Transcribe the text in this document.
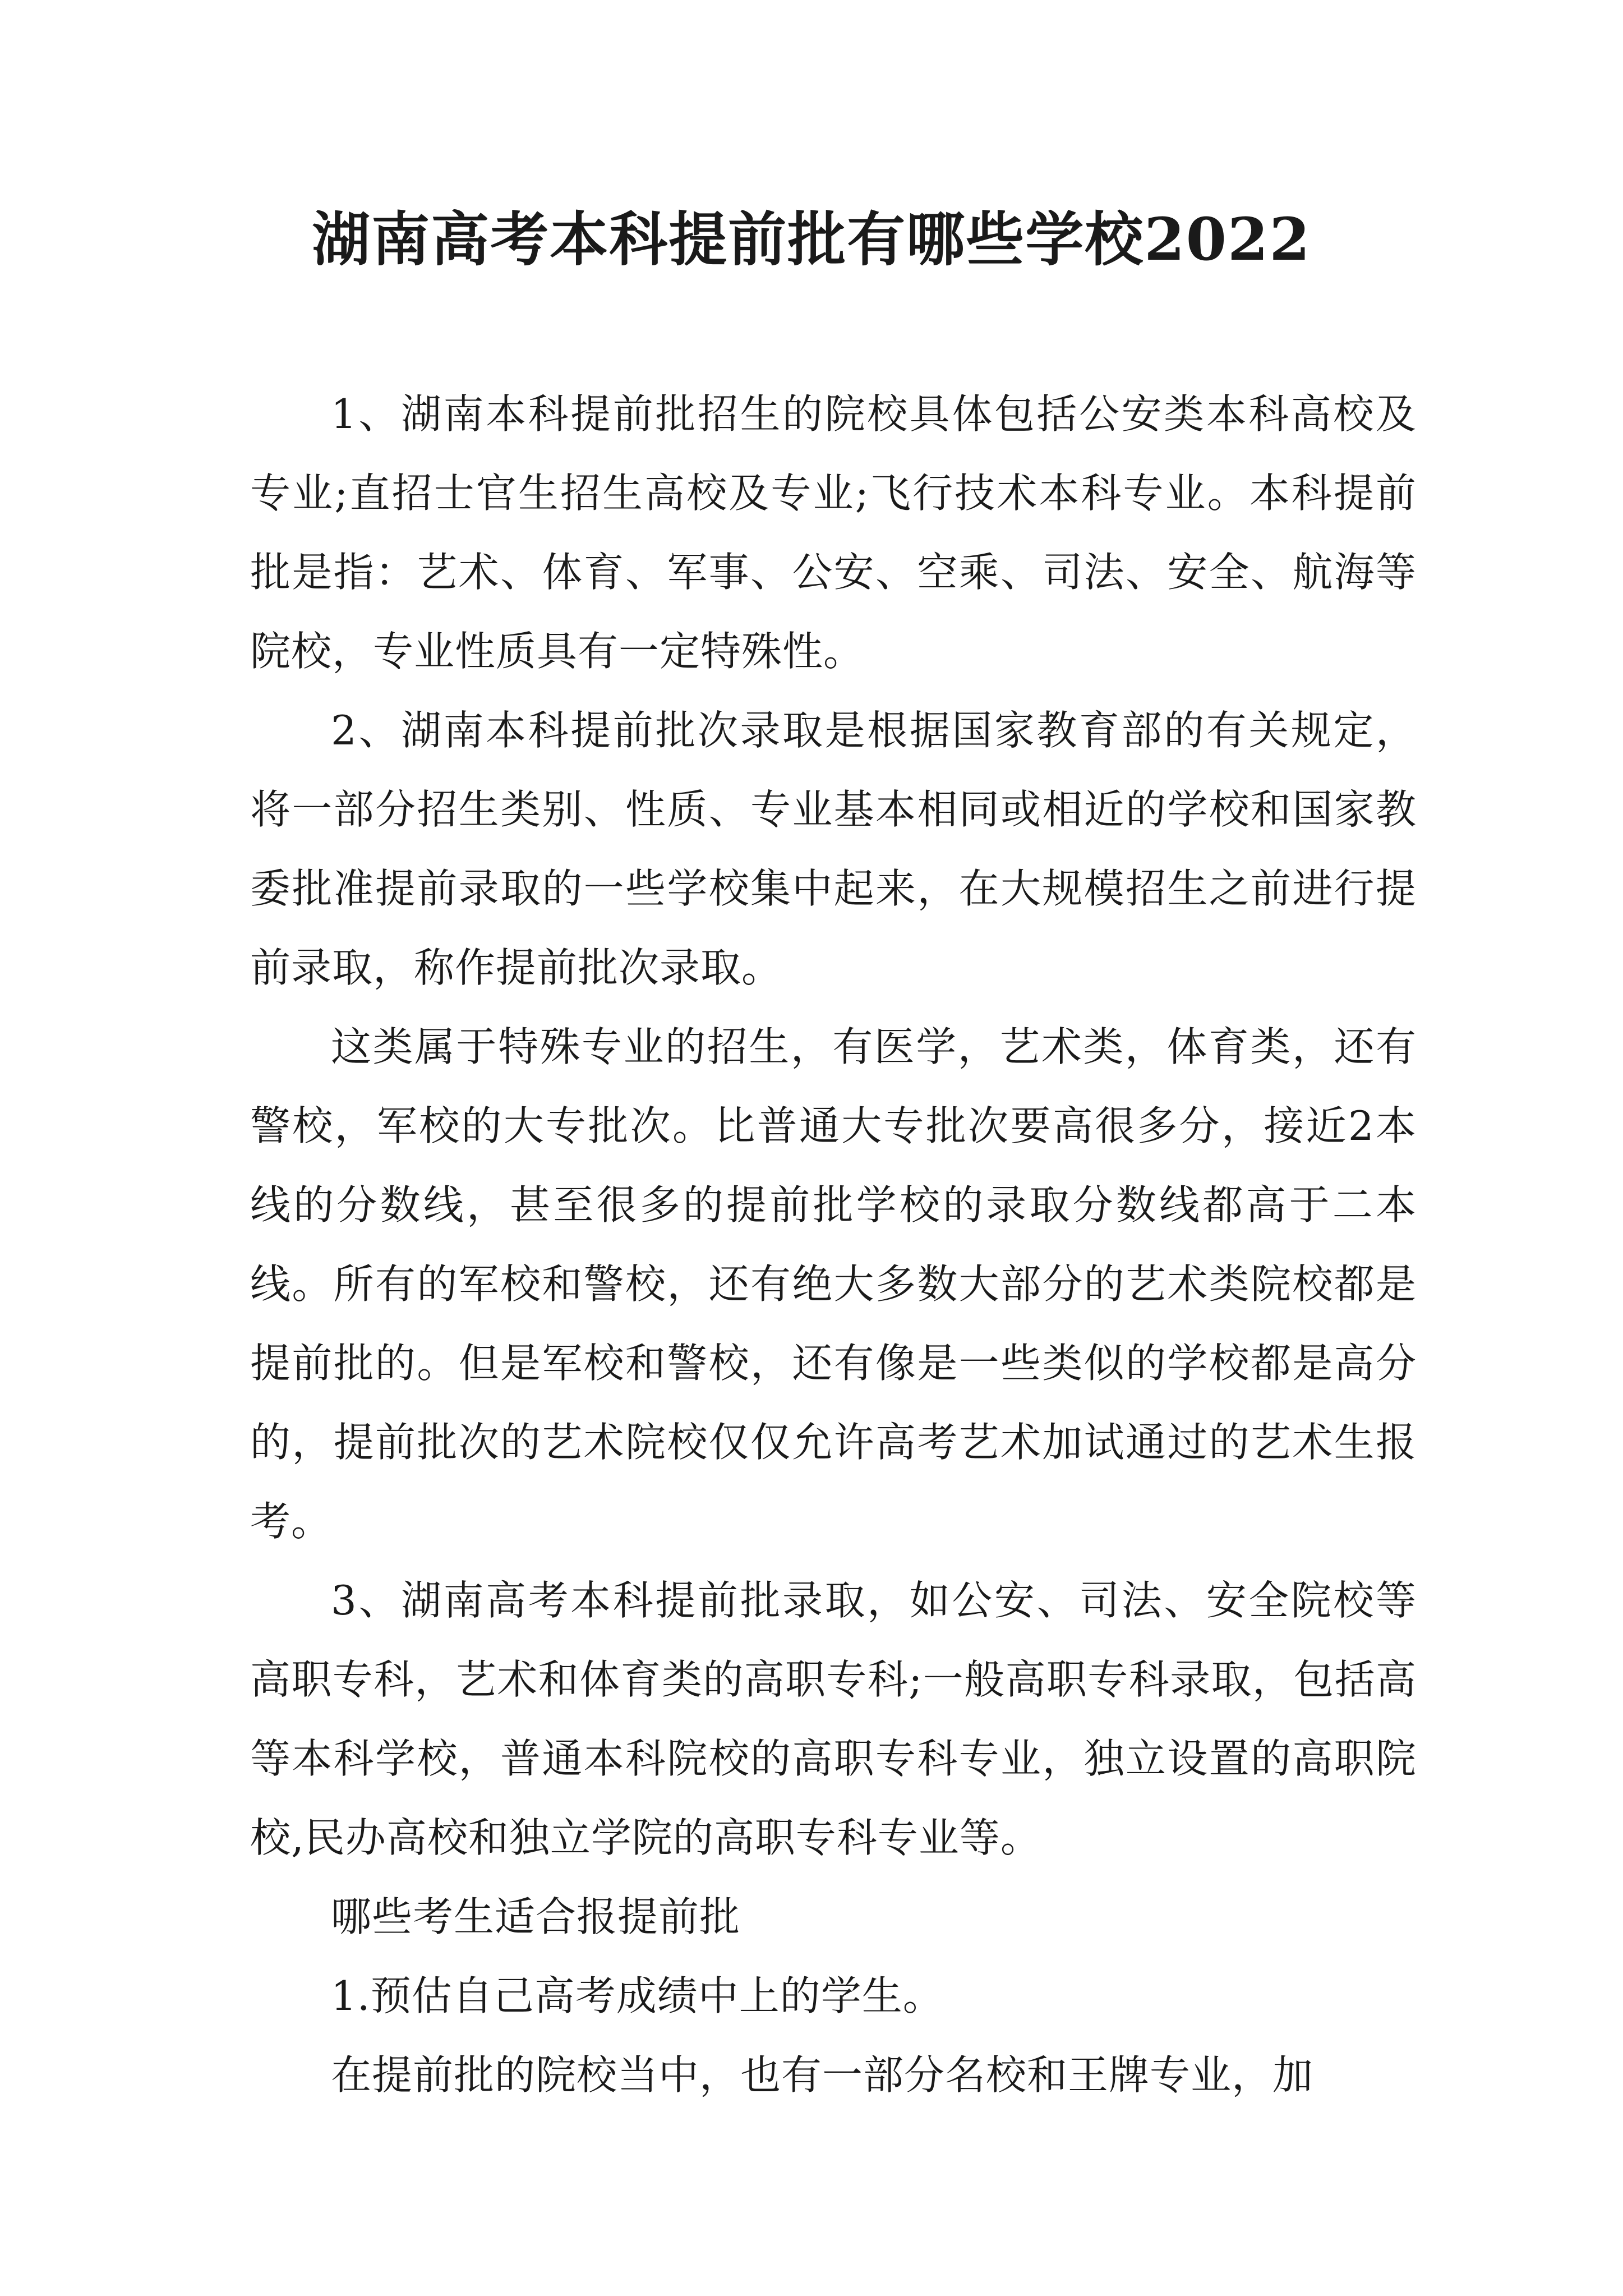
湖南高考本科提前批有哪些学校2022

1、湖南本科提前批招生的院校具体包括公安类本科高校及专业;直招士官生招生高校及专业;飞行技术本科专业。本科提前批是指：艺术、体育、军事、公安、空乘、司法、安全、航海等院校，专业性质具有一定特殊性。

2、湖南本科提前批次录取是根据国家教育部的有关规定，将一部分招生类别、性质、专业基本相同或相近的学校和国家教委批准提前录取的一些学校集中起来，在大规模招生之前进行提前录取，称作提前批次录取。

这类属于特殊专业的招生，有医学，艺术类，体育类，还有警校，军校的大专批次。比普通大专批次要高很多分，接近2本线的分数线，甚至很多的提前批学校的录取分数线都高于二本线。所有的军校和警校，还有绝大多数大部分的艺术类院校都是提前批的。但是军校和警校，还有像是一些类似的学校都是高分的，提前批次的艺术院校仅仅允许高考艺术加试通过的艺术生报考。

3、湖南高考本科提前批录取，如公安、司法、安全院校等高职专科，艺术和体育类的高职专科;一般高职专科录取，包括高等本科学校，普通本科院校的高职专科专业，独立设置的高职院校,民办高校和独立学院的高职专科专业等。

哪些考生适合报提前批

1.预估自己高考成绩中上的学生。

在提前批的院校当中，也有一部分名校和王牌专业，加
